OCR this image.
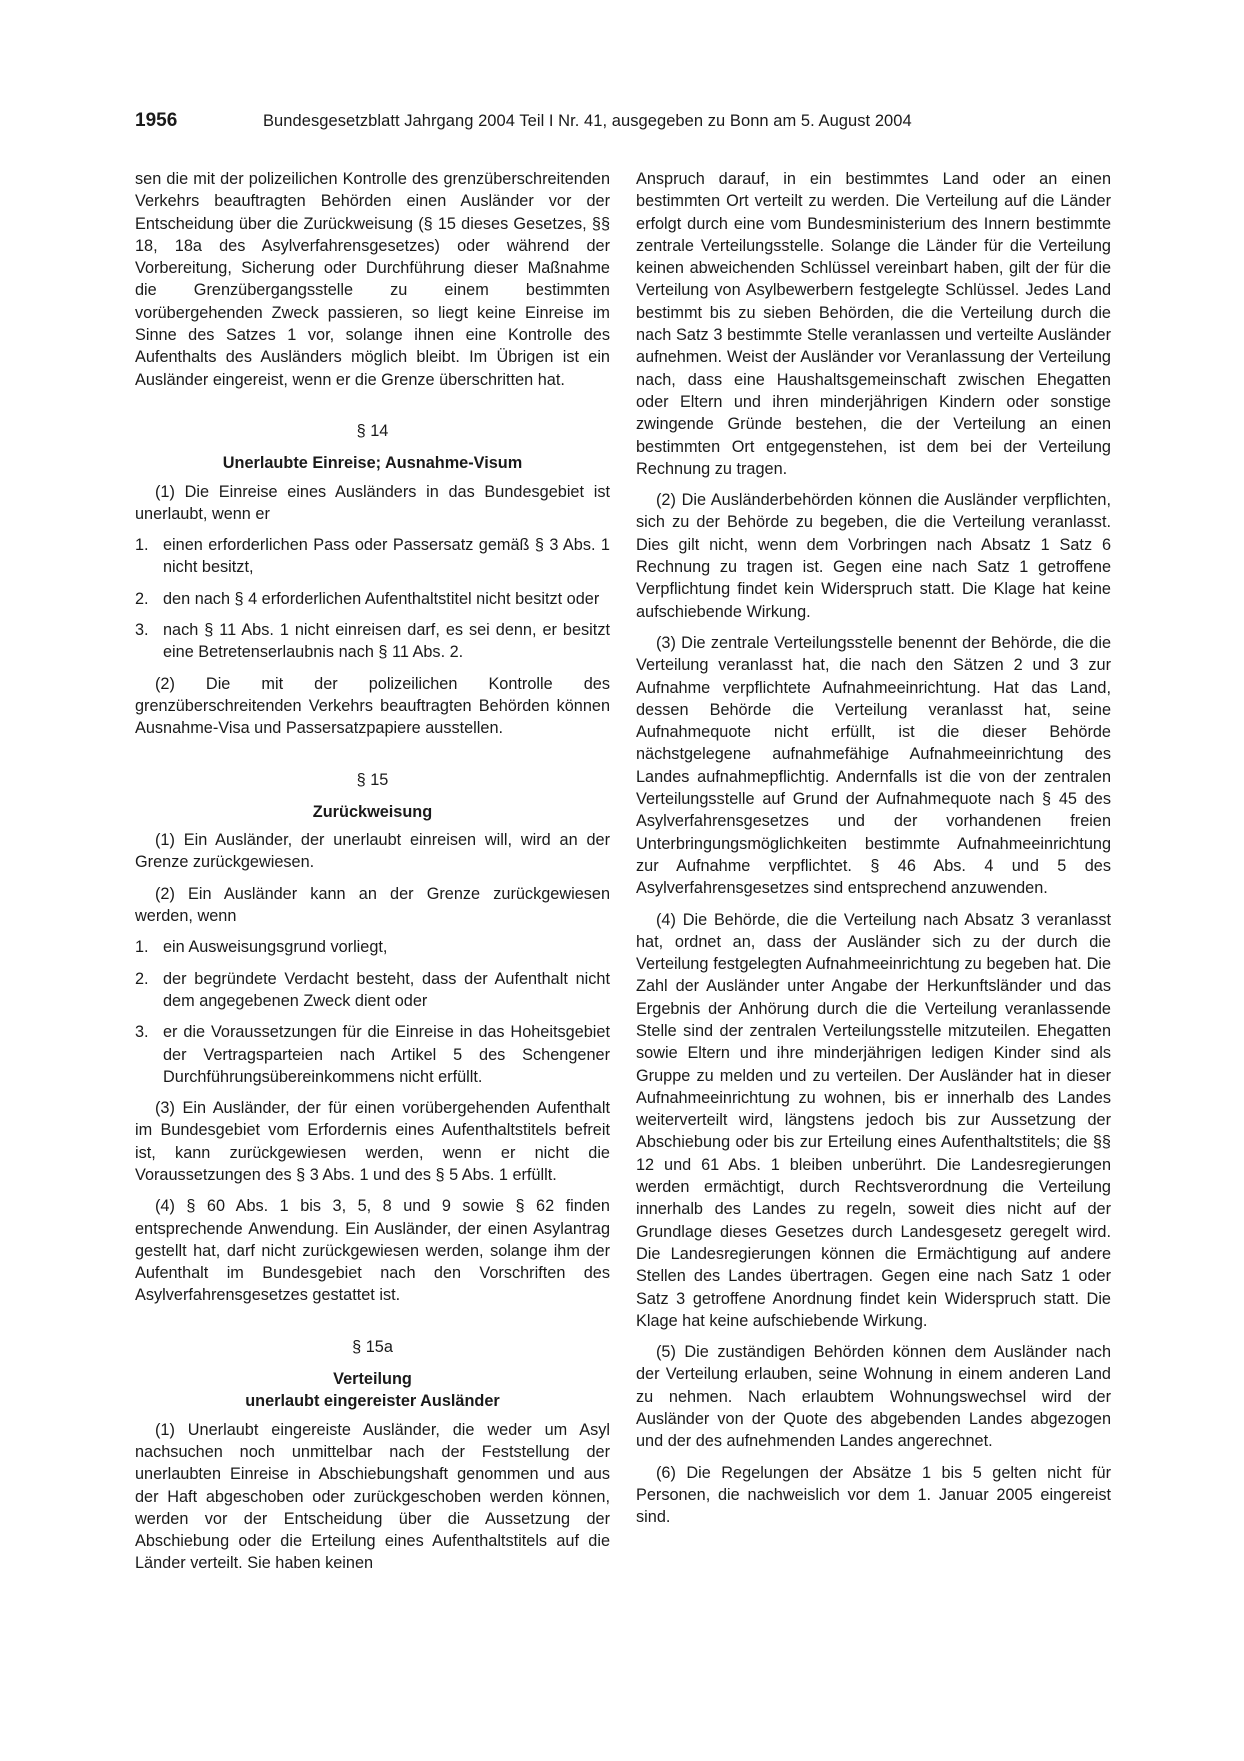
1956	Bundesgesetzblatt Jahrgang 2004 Teil I Nr. 41, ausgegeben zu Bonn am 5. August 2004

sen die mit der polizeilichen Kontrolle des grenzüberschreitenden Verkehrs beauftragten Behörden einen Ausländer vor der Entscheidung über die Zurückweisung (§ 15 dieses Gesetzes, §§ 18, 18a des Asylverfahrensgesetzes) oder während der Vorbereitung, Sicherung oder Durchführung dieser Maßnahme die Grenzübergangsstelle zu einem bestimmten vorübergehenden Zweck passieren, so liegt keine Einreise im Sinne des Satzes 1 vor, solange ihnen eine Kontrolle des Aufenthalts des Ausländers möglich bleibt. Im Übrigen ist ein Ausländer eingereist, wenn er die Grenze überschritten hat.

§ 14
Unerlaubte Einreise; Ausnahme-Visum

(1) Die Einreise eines Ausländers in das Bundesgebiet ist unerlaubt, wenn er

1. einen erforderlichen Pass oder Passersatz gemäß § 3 Abs. 1 nicht besitzt,
2. den nach § 4 erforderlichen Aufenthaltstitel nicht besitzt oder
3. nach § 11 Abs. 1 nicht einreisen darf, es sei denn, er besitzt eine Betretenserlaubnis nach § 11 Abs. 2.

(2) Die mit der polizeilichen Kontrolle des grenzüberschreitenden Verkehrs beauftragten Behörden können Ausnahme-Visa und Passersatzpapiere ausstellen.

§ 15
Zurückweisung

(1) Ein Ausländer, der unerlaubt einreisen will, wird an der Grenze zurückgewiesen.

(2) Ein Ausländer kann an der Grenze zurückgewiesen werden, wenn

1. ein Ausweisungsgrund vorliegt,
2. der begründete Verdacht besteht, dass der Aufenthalt nicht dem angegebenen Zweck dient oder
3. er die Voraussetzungen für die Einreise in das Hoheitsgebiet der Vertragsparteien nach Artikel 5 des Schengener Durchführungsübereinkommens nicht erfüllt.

(3) Ein Ausländer, der für einen vorübergehenden Aufenthalt im Bundesgebiet vom Erfordernis eines Aufenthaltstitels befreit ist, kann zurückgewiesen werden, wenn er nicht die Voraussetzungen des § 3 Abs. 1 und des § 5 Abs. 1 erfüllt.

(4) § 60 Abs. 1 bis 3, 5, 8 und 9 sowie § 62 finden entsprechende Anwendung. Ein Ausländer, der einen Asylantrag gestellt hat, darf nicht zurückgewiesen werden, solange ihm der Aufenthalt im Bundesgebiet nach den Vorschriften des Asylverfahrensgesetzes gestattet ist.

§ 15a
Verteilung
unerlaubt eingereister Ausländer

(1) Unerlaubt eingereiste Ausländer, die weder um Asyl nachsuchen noch unmittelbar nach der Feststellung der unerlaubten Einreise in Abschiebungshaft genommen und aus der Haft abgeschoben oder zurückgeschoben werden können, werden vor der Entscheidung über die Aussetzung der Abschiebung oder die Erteilung eines Aufenthaltstitels auf die Länder verteilt. Sie haben keinen

Anspruch darauf, in ein bestimmtes Land oder an einen bestimmten Ort verteilt zu werden. Die Verteilung auf die Länder erfolgt durch eine vom Bundesministerium des Innern bestimmte zentrale Verteilungsstelle. Solange die Länder für die Verteilung keinen abweichenden Schlüssel vereinbart haben, gilt der für die Verteilung von Asylbewerbern festgelegte Schlüssel. Jedes Land bestimmt bis zu sieben Behörden, die die Verteilung durch die nach Satz 3 bestimmte Stelle veranlassen und verteilte Ausländer aufnehmen. Weist der Ausländer vor Veranlassung der Verteilung nach, dass eine Haushaltsgemeinschaft zwischen Ehegatten oder Eltern und ihren minderjährigen Kindern oder sonstige zwingende Gründe bestehen, die der Verteilung an einen bestimmten Ort entgegenstehen, ist dem bei der Verteilung Rechnung zu tragen.

(2) Die Ausländerbehörden können die Ausländer verpflichten, sich zu der Behörde zu begeben, die die Verteilung veranlasst. Dies gilt nicht, wenn dem Vorbringen nach Absatz 1 Satz 6 Rechnung zu tragen ist. Gegen eine nach Satz 1 getroffene Verpflichtung findet kein Widerspruch statt. Die Klage hat keine aufschiebende Wirkung.

(3) Die zentrale Verteilungsstelle benennt der Behörde, die die Verteilung veranlasst hat, die nach den Sätzen 2 und 3 zur Aufnahme verpflichtete Aufnahmeeinrichtung. Hat das Land, dessen Behörde die Verteilung veranlasst hat, seine Aufnahmequote nicht erfüllt, ist die dieser Behörde nächstgelegene aufnahmefähige Aufnahmeeinrichtung des Landes aufnahmepflichtig. Andernfalls ist die von der zentralen Verteilungsstelle auf Grund der Aufnahmequote nach § 45 des Asylverfahrensgesetzes und der vorhandenen freien Unterbringungsmöglichkeiten bestimmte Aufnahmeeinrichtung zur Aufnahme verpflichtet. § 46 Abs. 4 und 5 des Asylverfahrensgesetzes sind entsprechend anzuwenden.

(4) Die Behörde, die die Verteilung nach Absatz 3 veranlasst hat, ordnet an, dass der Ausländer sich zu der durch die Verteilung festgelegten Aufnahmeeinrichtung zu begeben hat. Die Zahl der Ausländer unter Angabe der Herkunftsländer und das Ergebnis der Anhörung durch die die Verteilung veranlassende Stelle sind der zentralen Verteilungsstelle mitzuteilen. Ehegatten sowie Eltern und ihre minderjährigen ledigen Kinder sind als Gruppe zu melden und zu verteilen. Der Ausländer hat in dieser Aufnahmeeinrichtung zu wohnen, bis er innerhalb des Landes weiterverteilt wird, längstens jedoch bis zur Aussetzung der Abschiebung oder bis zur Erteilung eines Aufenthaltstitels; die §§ 12 und 61 Abs. 1 bleiben unberührt. Die Landesregierungen werden ermächtigt, durch Rechtsverordnung die Verteilung innerhalb des Landes zu regeln, soweit dies nicht auf der Grundlage dieses Gesetzes durch Landesgesetz geregelt wird. Die Landesregierungen können die Ermächtigung auf andere Stellen des Landes übertragen. Gegen eine nach Satz 1 oder Satz 3 getroffene Anordnung findet kein Widerspruch statt. Die Klage hat keine aufschiebende Wirkung.

(5) Die zuständigen Behörden können dem Ausländer nach der Verteilung erlauben, seine Wohnung in einem anderen Land zu nehmen. Nach erlaubtem Wohnungswechsel wird der Ausländer von der Quote des abgebenden Landes abgezogen und der des aufnehmenden Landes angerechnet.

(6) Die Regelungen der Absätze 1 bis 5 gelten nicht für Personen, die nachweislich vor dem 1. Januar 2005 eingereist sind.
